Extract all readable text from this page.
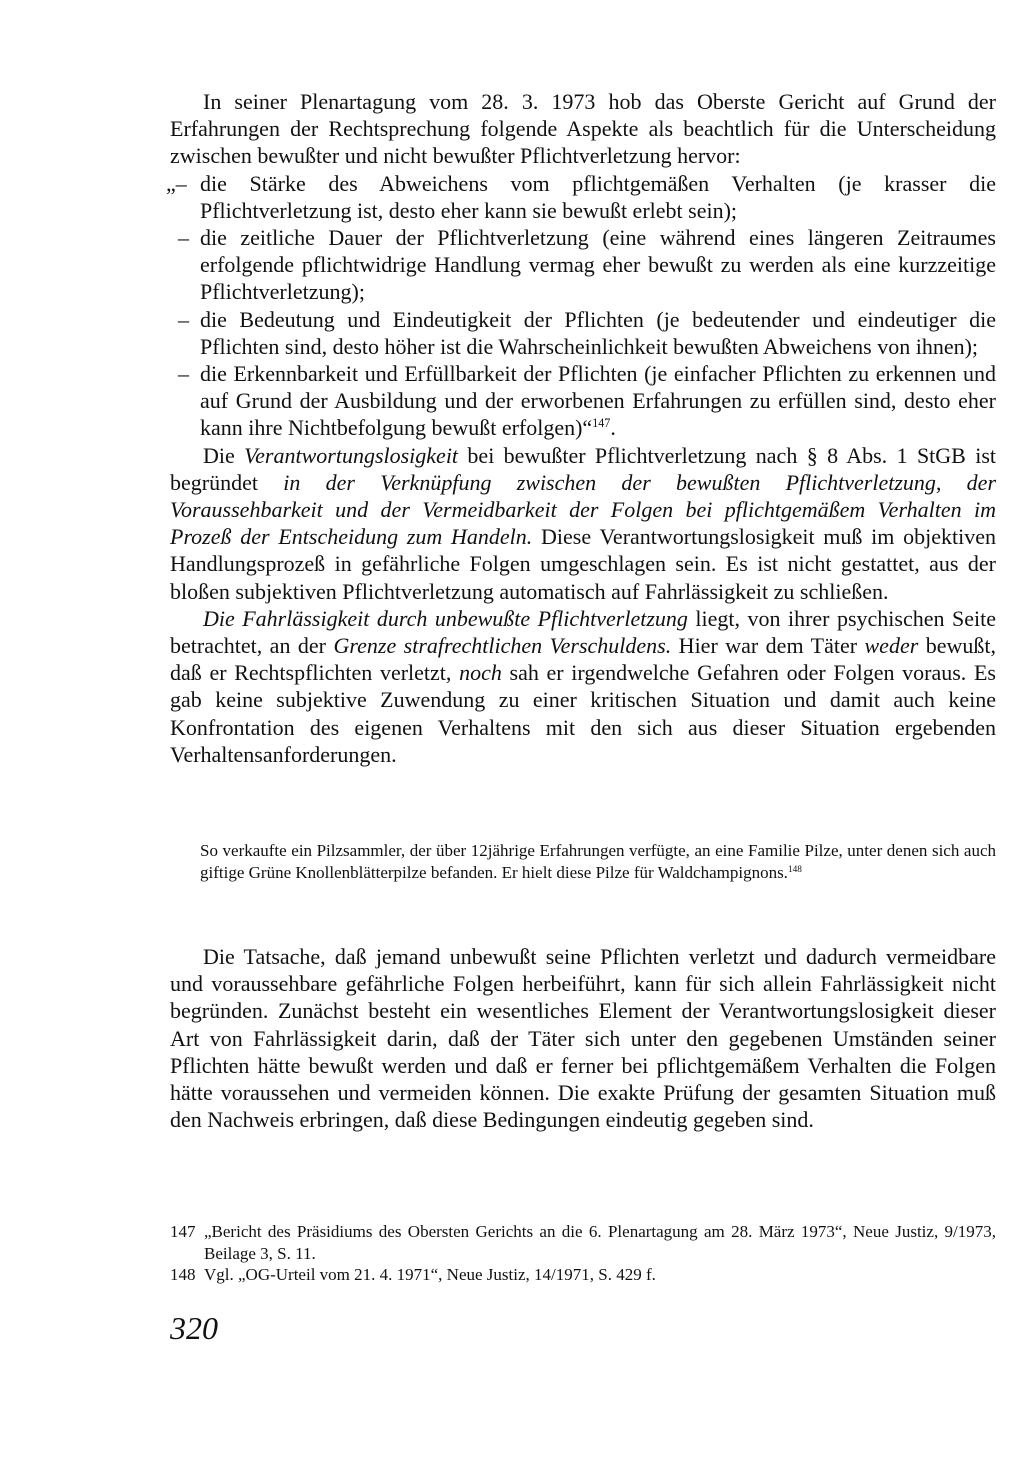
In seiner Plenartagung vom 28. 3. 1973 hob das Oberste Gericht auf Grund der Erfahrungen der Rechtsprechung folgende Aspekte als beachtlich für die Unterscheidung zwischen bewußter und nicht bewußter Pflichtverletzung hervor:

„– die Stärke des Abweichens vom pflichtgemäßen Verhalten (je krasser die Pflichtverletzung ist, desto eher kann sie bewußt erlebt sein);
– die zeitliche Dauer der Pflichtverletzung (eine während eines längeren Zeitraumes erfolgende pflichtwidrige Handlung vermag eher bewußt zu werden als eine kurzzeitige Pflichtverletzung);
– die Bedeutung und Eindeutigkeit der Pflichten (je bedeutender und eindeutiger die Pflichten sind, desto höher ist die Wahrscheinlichkeit bewußten Abweichens von ihnen);
– die Erkennbarkeit und Erfüllbarkeit der Pflichten (je einfacher Pflichten zu erkennen und auf Grund der Ausbildung und der erworbenen Erfahrungen zu erfüllen sind, desto eher kann ihre Nichtbefolgung bewußt erfolgen)“$^{147}$.

Die Verantwortungslosigkeit bei bewußter Pflichtverletzung nach § 8 Abs. 1 StGB ist begründet in der Verknüpfung zwischen der bewußten Pflichtverletzung, der Voraussehbarkeit und der Vermeidbarkeit der Folgen bei pflichtgemäßem Verhalten im Prozeß der Entscheidung zum Handeln. Diese Verantwortungslosigkeit muß im objektiven Handlungsprozeß in gefährliche Folgen umgeschlagen sein. Es ist nicht gestattet, aus der bloßen subjektiven Pflichtverletzung automatisch auf Fahrlässigkeit zu schließen.

Die Fahrlässigkeit durch unbewußte Pflichtverletzung liegt, von ihrer psychischen Seite betrachtet, an der Grenze strafrechtlichen Verschuldens. Hier war dem Täter weder bewußt, daß er Rechtspflichten verletzt, noch sah er irgendwelche Gefahren oder Folgen voraus. Es gab keine subjektive Zuwendung zu einer kritischen Situation und damit auch keine Konfrontation des eigenen Verhaltens mit den sich aus dieser Situation ergebenden Verhaltensanforderungen.

So verkaufte ein Pilzsammler, der über 12jährige Erfahrungen verfügte, an eine Familie Pilze, unter denen sich auch giftige Grüne Knollenblätterpilze befanden. Er hielt diese Pilze für Waldchampignons.$^{148}$

Die Tatsache, daß jemand unbewußt seine Pflichten verletzt und dadurch vermeidbare und voraussehbare gefährliche Folgen herbeiführt, kann für sich allein Fahrlässigkeit nicht begründen. Zunächst besteht ein wesentliches Element der Verantwortungslosigkeit dieser Art von Fahrlässigkeit darin, daß der Täter sich unter den gegebenen Umständen seiner Pflichten hätte bewußt werden und daß er ferner bei pflichtgemäßem Verhalten die Folgen hätte voraussehen und vermeiden können. Die exakte Prüfung der gesamten Situation muß den Nachweis erbringen, daß diese Bedingungen eindeutig gegeben sind.

147 „Bericht des Präsidiums des Obersten Gerichts an die 6. Plenartagung am 28. März 1973“, Neue Justiz, 9/1973, Beilage 3, S. 11.
148 Vgl. „OG-Urteil vom 21. 4. 1971“, Neue Justiz, 14/1971, S. 429 f.
320
